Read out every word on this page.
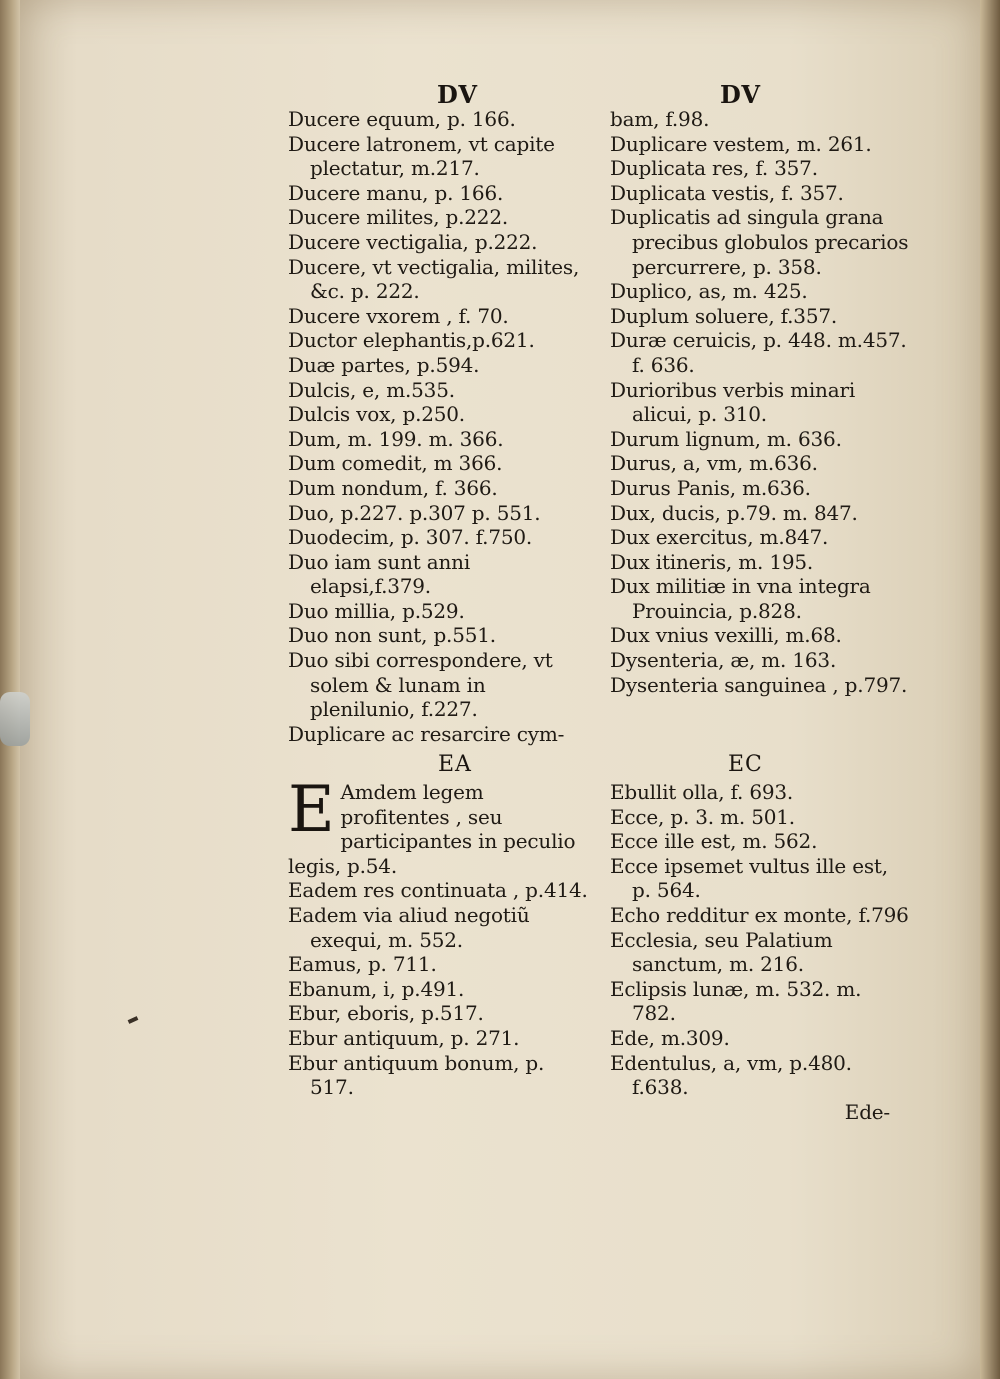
DV	DV
Ducere equum, p. 166.
Ducere latronem, vt capite plectatur, m.217.
Ducere manu, p. 166.
Ducere milites, p.222.
Ducere vectigalia, p.222.
Ducere, vt vectigalia, milites, &c. p. 222.
Ducere vxorem , f. 70.
Ductor elephantis,p.621.
Duæ partes, p.594.
Dulcis, e, m.535.
Dulcis vox, p.250.
Dum, m. 199. m. 366.
Dum comedit, m 366.
Dum nondum, f. 366.
Duo, p.227. p.307 p. 551.
Duodecim, p. 307. f.750.
Duo iam sunt anni elapsi,f.379.
Duo millia, p.529.
Duo non sunt, p.551.
Duo sibi correspondere, vt solem & lunam in plenilunio, f.227.
Duplicare ac resarcire cym-
bam, f.98.
Duplicare vestem, m. 261.
Duplicata res, f. 357.
Duplicata vestis, f. 357.
Duplicatis ad singula grana precibus globulos precarios percurrere, p. 358.
Duplico, as, m. 425.
Duplum soluere, f.357.
Duræ ceruicis, p. 448. m.457. f. 636.
Durioribus verbis minari alicui, p. 310.
Durum lignum, m. 636.
Durus, a, vm, m.636.
Durus Panis, m.636.
Dux, ducis, p.79. m. 847.
Dux exercitus, m.847.
Dux itineris, m. 195.
Dux militiæ in vna integra Prouincia, p.828.
Dux vnius vexilli, m.68.
Dysenteria, æ, m. 163.
Dysenteria sanguinea , p.797.
EA	EC
E Amdem legem profitentes , seu participantes in peculio legis, p.54.
Eadem res continuata , p.414.
Eadem via aliud negotiũ exequi, m. 552.
Eamus, p. 711.
Ebanum, i, p.491.
Ebur, eboris, p.517.
Ebur antiquum, p. 271.
Ebur antiquum bonum, p. 517.
Ebullit olla, f. 693.
Ecce, p. 3. m. 501.
Ecce ille est, m. 562.
Ecce ipsemet vultus ille est, p. 564.
Echo redditur ex monte, f.796
Ecclesia, seu Palatium sanctum, m. 216.
Eclipsis lunæ, m. 532. m. 782.
Ede, m.309.
Edentulus, a, vm, p.480. f.638.
Ede-
